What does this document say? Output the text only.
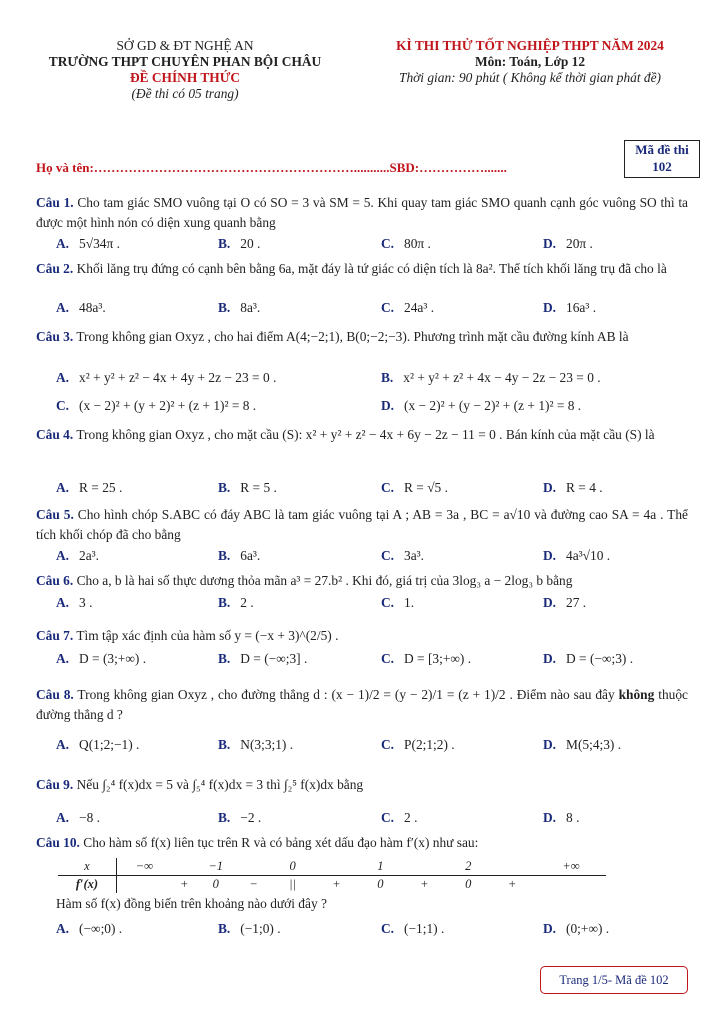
SỞ GD & ĐT NGHỆ AN
TRƯỜNG THPT CHUYÊN PHAN BỘI CHÂU
ĐỀ CHÍNH THỨC
(Đề thi có 05 trang)
KÌ THI THỬ TỐT NGHIỆP THPT NĂM 2024
Môn: Toán, Lớp 12
Thời gian: 90 phút ( Không kể thời gian phát đề)
Mã đề thi
102
Họ và tên:……………………………………………………...........SBD:…………….......
Câu 1. Cho tam giác SMO vuông tại O có SO = 3 và SM = 5. Khi quay tam giác SMO quanh cạnh góc vuông SO thì ta được một hình nón có diện xung quanh bằng
A. 5√34π .	B. 20 .	C. 80π .	D. 20π .
Câu 2. Khối lăng trụ đứng có cạnh bên bằng 6a, mặt đáy là tứ giác có diện tích là 8a². Thể tích khối lăng trụ đã cho là
A. 48a³.	B. 8a³.	C. 24a³ .	D. 16a³ .
Câu 3. Trong không gian Oxyz , cho hai điểm A(4;−2;1), B(0;−2;−3). Phương trình mặt cầu đường kính AB là
A. x² + y² + z² − 4x + 4y + 2z − 23 = 0 .	B. x² + y² + z² + 4x − 4y − 2z − 23 = 0 .
C. (x − 2)² + (y + 2)² + (z + 1)² = 8 .	D. (x − 2)² + (y − 2)² + (z + 1)² = 8 .
Câu 4. Trong không gian Oxyz , cho mặt cầu (S): x² + y² + z² − 4x + 6y − 2z − 11 = 0 . Bán kính của mặt cầu (S) là
A. R = 25 .	B. R = 5 .	C. R = √5 .	D. R = 4 .
Câu 5. Cho hình chóp S.ABC có đáy ABC là tam giác vuông tại A ; AB = 3a , BC = a√10 và đường cao SA = 4a . Thể tích khối chóp đã cho bằng
A. 2a³.	B. 6a³.	C. 3a³.	D. 4a³√10 .
Câu 6. Cho a, b là hai số thực dương thỏa mãn a³ = 27.b² . Khi đó, giá trị của 3log₃ a − 2log₃ b bằng
A. 3 .	B. 2 .	C. 1.	D. 27 .
Câu 7. Tìm tập xác định của hàm số y = (−x + 3)^(2/5) .
A. D = (3;+∞) .	B. D = (−∞;3] .	C. D = [3;+∞) .	D. D = (−∞;3) .
Câu 8. Trong không gian Oxyz , cho đường thẳng d : (x − 1)/2 = (y − 2)/1 = (z + 1)/2 . Điểm nào sau đây không thuộc đường thẳng d ?
A. Q(1;2;−1) .	B. N(3;3;1) .	C. P(2;1;2) .	D. M(5;4;3) .
Câu 9. Nếu ∫₂⁴ f(x)dx = 5 và ∫₅⁴ f(x)dx = 3 thì ∫₂⁵ f(x)dx bằng
A. −8 .	B. −2 .	C. 2 .	D. 8 .
Câu 10. Cho hàm số f(x) liên tục trên R và có bảng xét dấu đạo hàm f′(x) như sau:
x	−∞		−1		0		1		2		+∞
f′(x)		+	0	−	||	+	0	+	0	+	
Hàm số f(x) đồng biến trên khoảng nào dưới đây ?
A. (−∞;0) .	B. (−1;0) .	C. (−1;1) .	D. (0;+∞) .
Trang 1/5- Mã đề 102
